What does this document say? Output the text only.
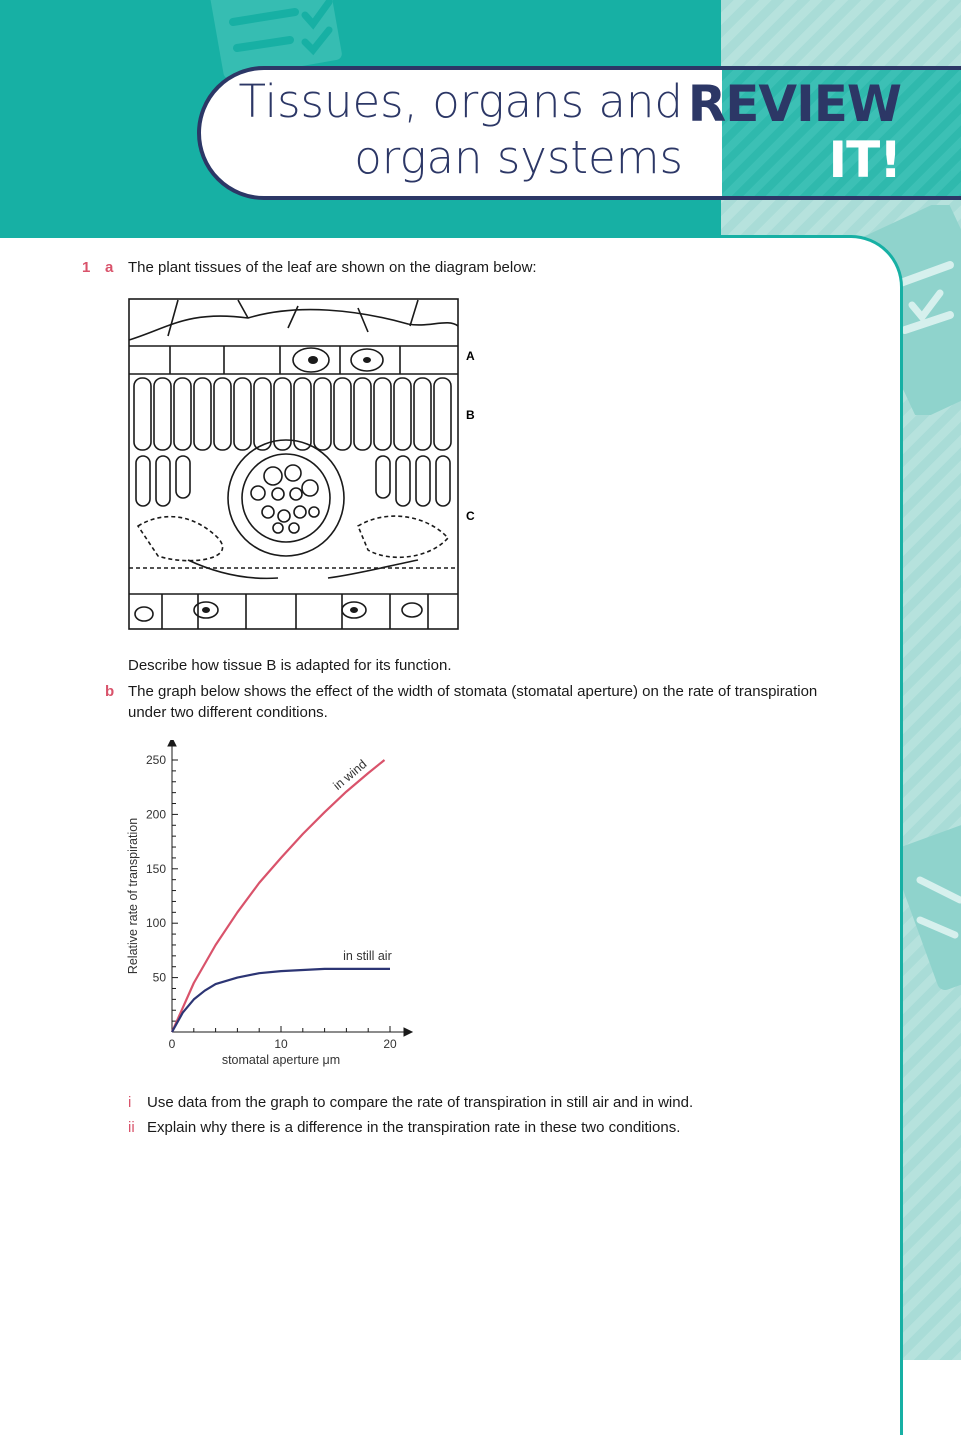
Tissues, organs and
organ systems
REVIEW
IT!
1 a The plant tissues of the leaf are shown on the diagram below:
A
B
C
Describe how tissue B is adapted for its function.
b The graph below shows the effect of the width of stomata (stomatal aperture) on the rate of transpiration
under two different conditions.
0	10	20
50
100
150
200
250
stomatal aperture μm
Relative rate of transpiration
in wind
in still air
i Use data from the graph to compare the rate of transpiration in still air and in wind.
ii Explain why there is a difference in the transpiration rate in these two conditions.
